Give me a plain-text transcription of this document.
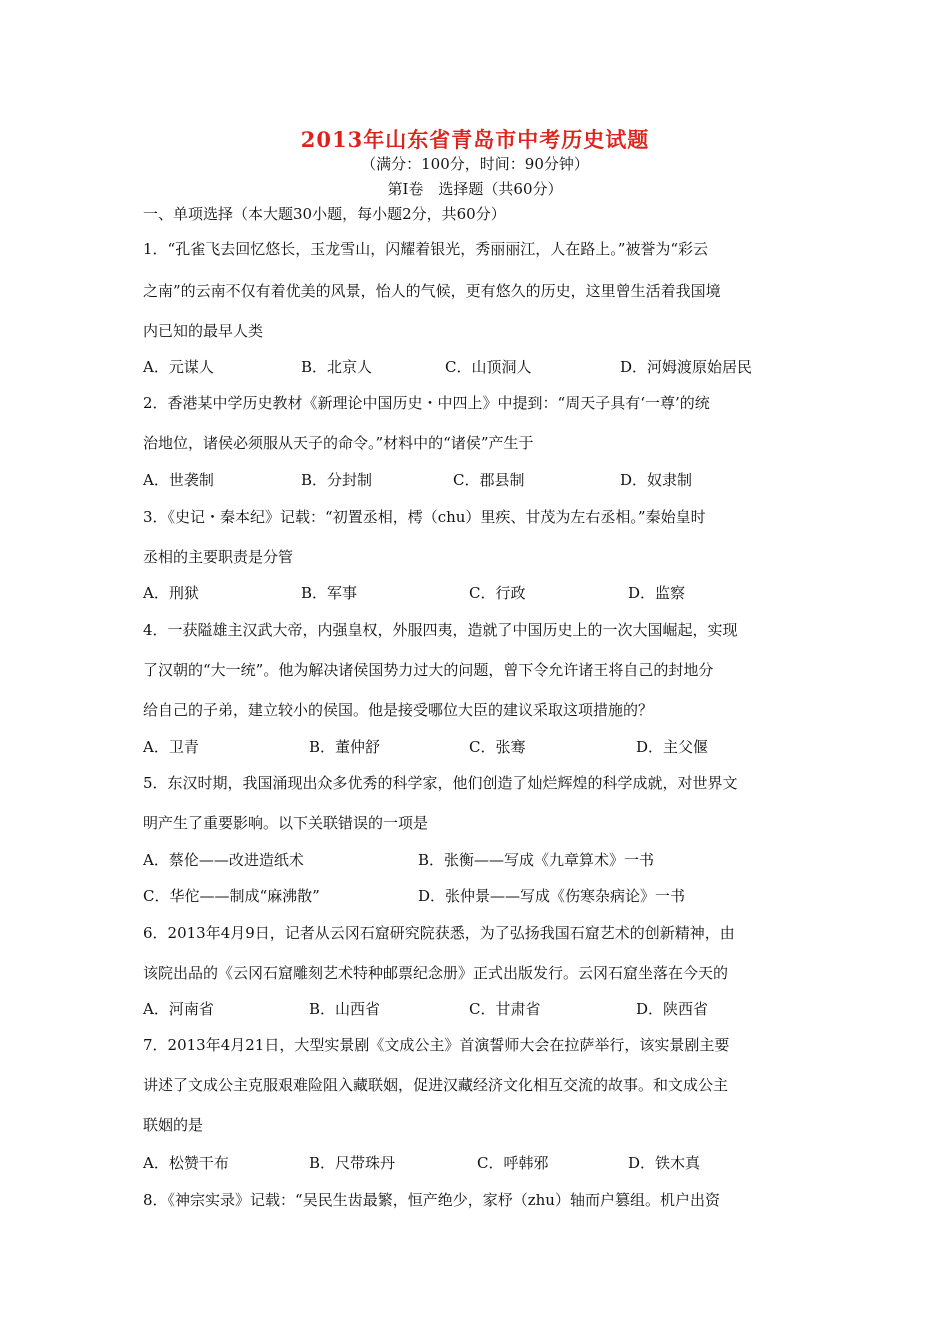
2013年山东省青岛市中考历史试题
（满分：100分，时间：90分钟）
第Ⅰ卷　选择题（共60分）
一、单项选择（本大题30小题，每小题2分，共60分）
1．“孔雀飞去回忆悠长，玉龙雪山，闪耀着银光，秀丽丽江，人在路上。”被誉为“彩云
之南”的云南不仅有着优美的风景，怡人的气候，更有悠久的历史，这里曾生活着我国境
内已知的最早人类
A．元谋人	B．北京人	C．山顶洞人	D．河姆渡原始居民
2．香港某中学历史教材《新理论中国历史・中四上》中提到：“周天子具有‘一尊’的统
治地位，诸侯必须服从天子的命令。”材料中的“诸侯”产生于
A．世袭制	B．分封制	C．郡县制	D．奴隶制
3．《史记・秦本纪》记载：“初置丞相，樗（chu）里疾、甘茂为左右丞相。”秦始皇时
丞相的主要职责是分管
A．刑狱	B．军事	C．行政	D．监察
4．一获隘雄主汉武大帝，内强皇权，外服四夷，造就了中国历史上的一次大国崛起，实现
了汉朝的“大一统”。他为解决诸侯国势力过大的问题，曾下令允许诸王将自己的封地分
给自己的子弟，建立较小的侯国。他是接受哪位大臣的建议采取这项措施的？
A．卫青	B．董仲舒	C．张骞	D．主父偃
5．东汉时期，我国涌现出众多优秀的科学家，他们创造了灿烂辉煌的科学成就，对世界文
明产生了重要影响。以下关联错误的一项是
A．蔡伦——改进造纸术	B．张衡——写成《九章算术》一书
C．华佗——制成“麻沸散”	D．张仲景——写成《伤寒杂病论》一书
6．2013年4月9日，记者从云冈石窟研究院获悉，为了弘扬我国石窟艺术的创新精神，由
该院出品的《云冈石窟雕刻艺术特种邮票纪念册》正式出版发行。云冈石窟坐落在今天的
A．河南省	B．山西省	C．甘肃省	D．陕西省
7．2013年4月21日，大型实景剧《文成公主》首演誓师大会在拉萨举行，该实景剧主要
讲述了文成公主克服艰难险阻入藏联姻，促进汉藏经济文化相互交流的故事。和文成公主
联姻的是
A．松赞干布	B．尺带珠丹	C．呼韩邪	D．铁木真
8．《神宗实录》记载：“吴民生齿最繁，恒产绝少，家杼（zhu）轴而户篡组。机户出资
